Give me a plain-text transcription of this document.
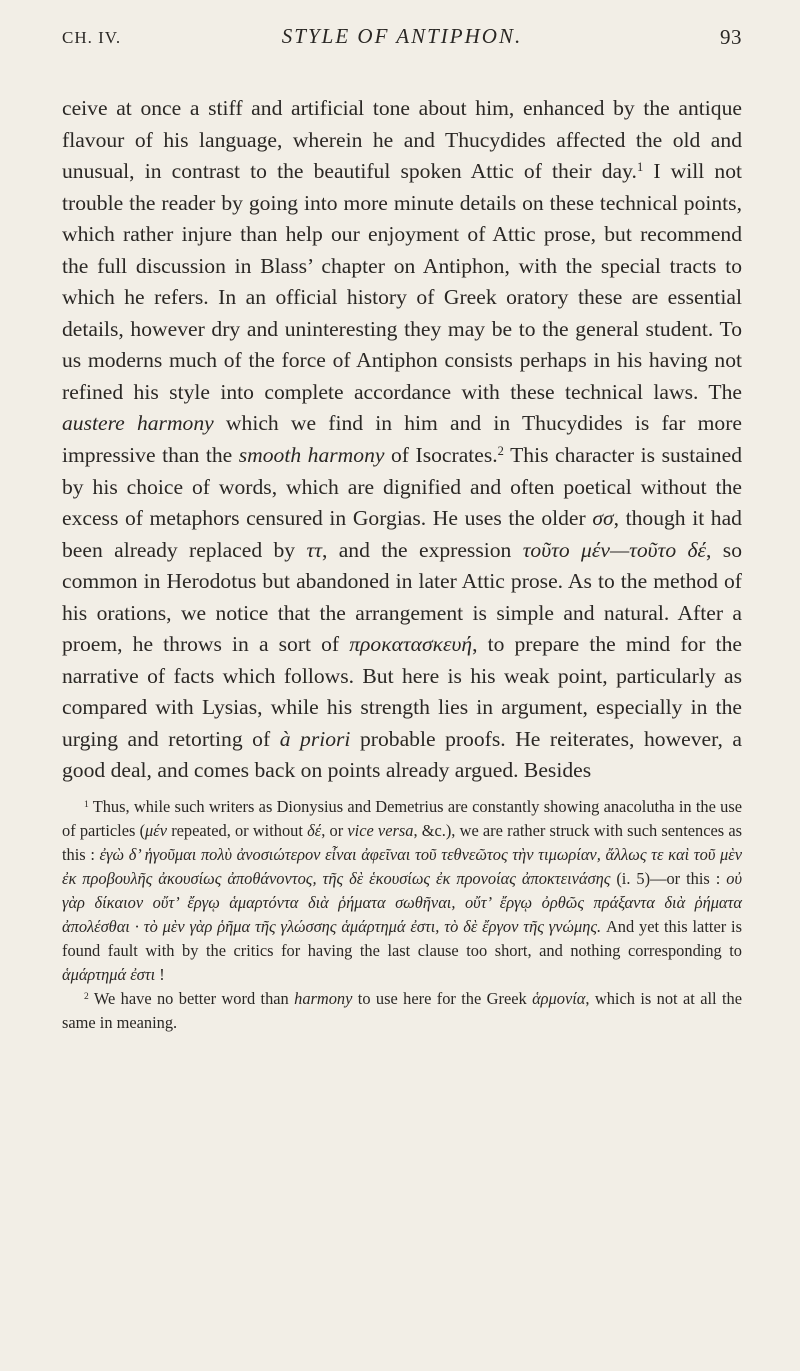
CH. IV.	STYLE OF ANTIPHON.	93

ceive at once a stiff and artificial tone about him, enhanced by the antique flavour of his language, wherein he and Thucydides affected the old and unusual, in contrast to the beautiful spoken Attic of their day.$^1$ I will not trouble the reader by going into more minute details on these technical points, which rather injure than help our enjoyment of Attic prose, but recommend the full discussion in Blass’ chapter on Antiphon, with the special tracts to which he refers. In an official history of Greek oratory these are essential details, however dry and uninteresting they may be to the general student. To us moderns much of the force of Antiphon consists perhaps in his having not refined his style into complete accordance with these technical laws. The austere harmony which we find in him and in Thucydides is far more impressive than the smooth harmony of Isocrates.$^2$ This character is sustained by his choice of words, which are dignified and often poetical without the excess of metaphors censured in Gorgias. He uses the older σσ, though it had been already replaced by ττ, and the expression τοῦτο μέν—τοῦτο δέ, so common in Herodotus but abandoned in later Attic prose. As to the method of his orations, we notice that the arrangement is simple and natural. After a proem, he throws in a sort of προκατασκευή, to prepare the mind for the narrative of facts which follows. But here is his weak point, particularly as compared with Lysias, while his strength lies in argument, especially in the urging and retorting of à priori probable proofs. He reiterates, however, a good deal, and comes back on points already argued. Besides

$^1$ Thus, while such writers as Dionysius and Demetrius are constantly showing anacolutha in the use of particles (μέν repeated, or without δέ, or vice versa, &c.), we are rather struck with such sentences as this : ἐγὼ δ’ ἡγοῦμαι πολὺ ἀνοσιώτερον εἶναι ἀφεῖναι τοῦ τεθνεῶτος τὴν τιμωρίαν, ἄλλως τε καὶ τοῦ μὲν ἐκ προβουλῆς ἀκουσίως ἀποθάνοντος, τῆς δὲ ἑκουσίως ἐκ προνοίας ἀποκτεινάσης (i. 5)—or this : οὐ γὰρ δίκαιον οὔτ’ ἔργῳ ἁμαρτόντα διὰ ῥήματα σωθῆναι, οὔτ’ ἔργῳ ὀρθῶς πράξαντα διὰ ῥήματα ἀπολέσθαι · τὸ μὲν γὰρ ῥῆμα τῆς γλώσσης ἁμάρτημά ἐστι, τὸ δὲ ἔργον τῆς γνώμης. And yet this latter is found fault with by the critics for having the last clause too short, and nothing corresponding to ἁμάρτημά ἐστι !

$^2$ We have no better word than harmony to use here for the Greek ἁρμονία, which is not at all the same in meaning.
